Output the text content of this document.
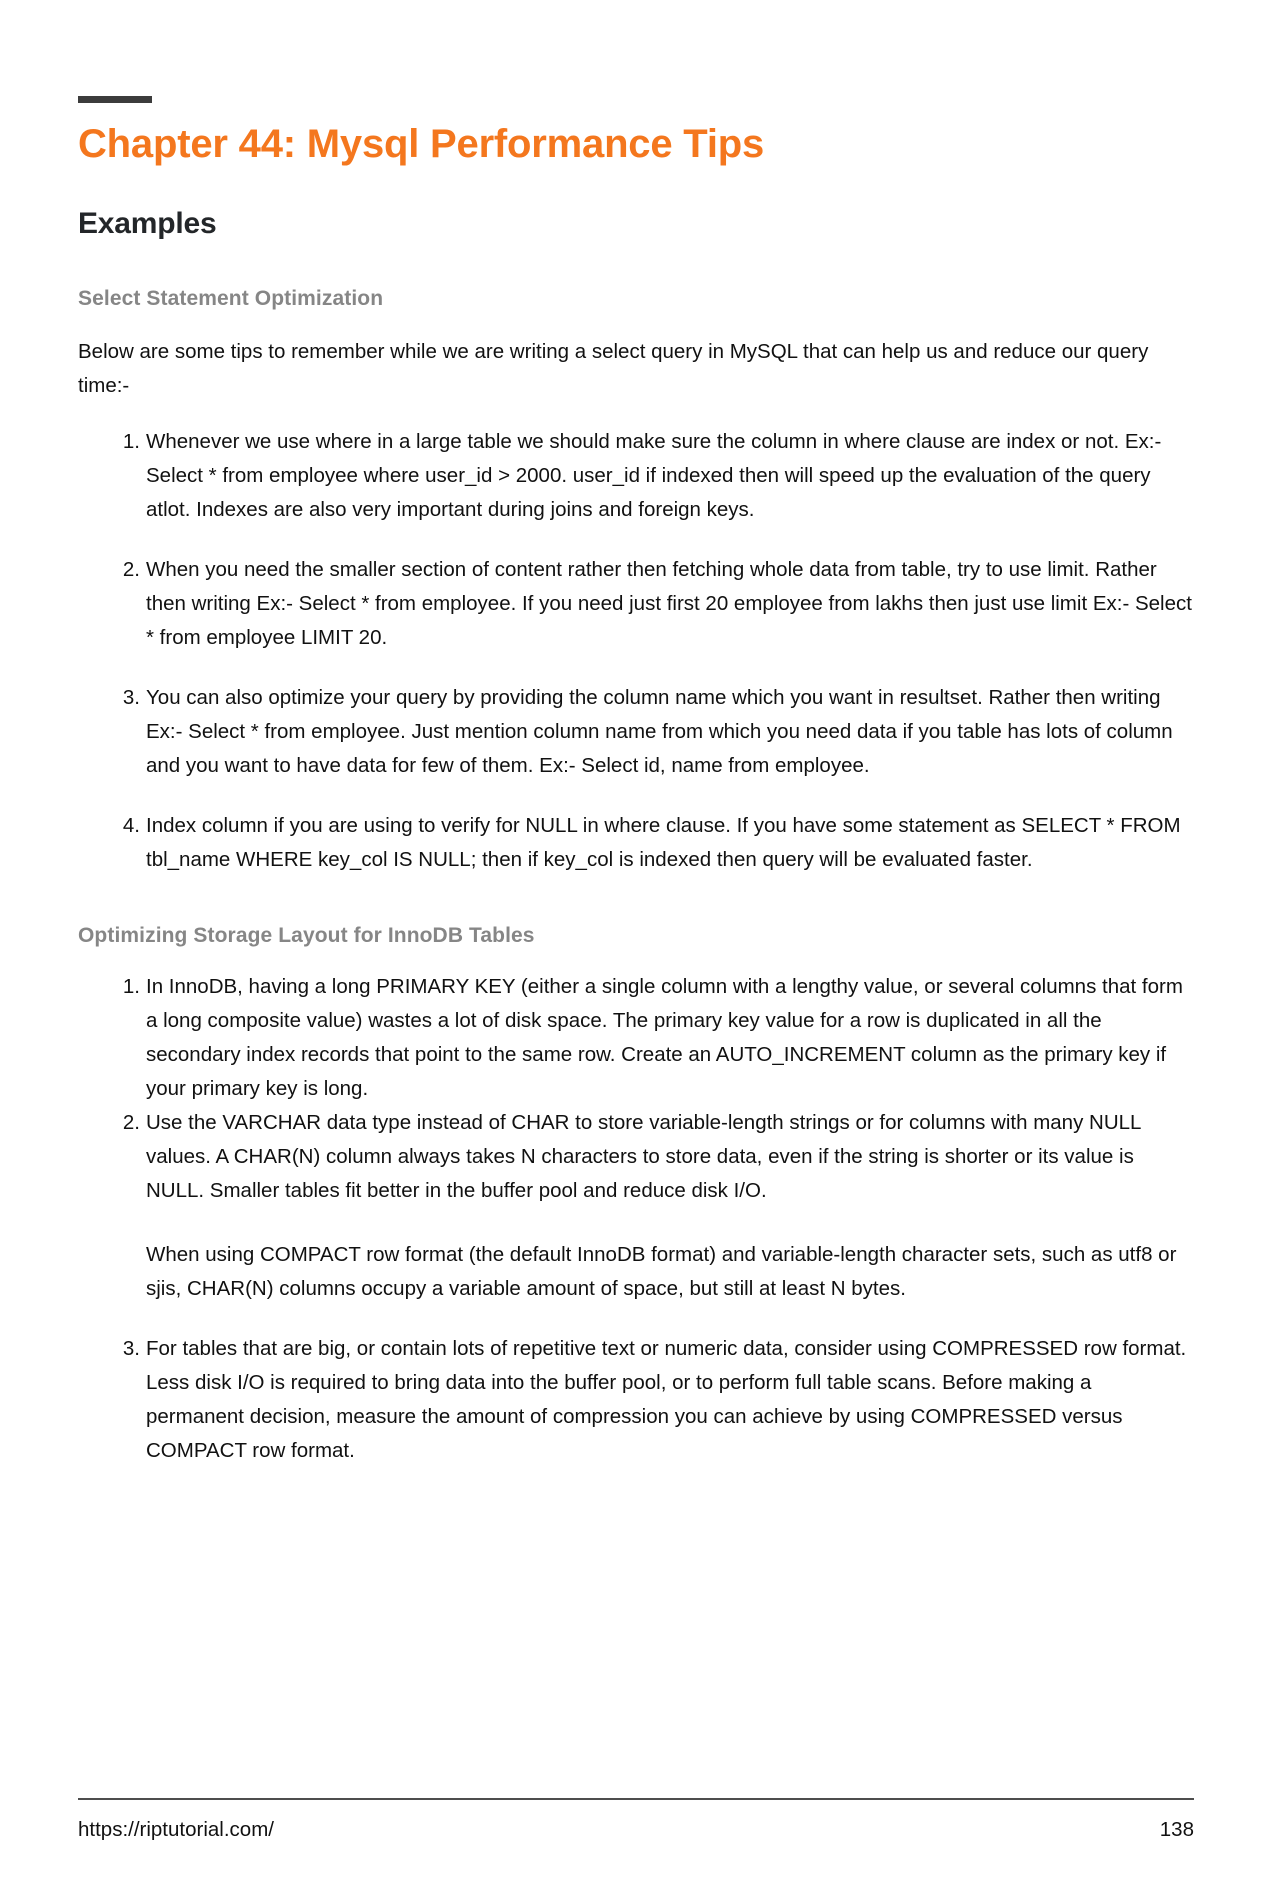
Chapter 44: Mysql Performance Tips
Examples
Select Statement Optimization

Below are some tips to remember while we are writing a select query in MySQL that can help us and reduce our query time:-

Whenever we use where in a large table we should make sure the column in where clause are index or not. Ex:- Select * from employee where user_id > 2000. user_id if indexed then will speed up the evaluation of the query atlot. Indexes are also very important during joins and foreign keys.

When you need the smaller section of content rather then fetching whole data from table, try to use limit. Rather then writing Ex:- Select * from employee. If you need just first 20 employee from lakhs then just use limit Ex:- Select * from employee LIMIT 20.

You can also optimize your query by providing the column name which you want in resultset. Rather then writing Ex:- Select * from employee. Just mention column name from which you need data if you table has lots of column and you want to have data for few of them. Ex:- Select id, name from employee.

Index column if you are using to verify for NULL in where clause. If you have some statement as SELECT * FROM tbl_name WHERE key_col IS NULL; then if key_col is indexed then query will be evaluated faster.

Optimizing Storage Layout for InnoDB Tables

In InnoDB, having a long PRIMARY KEY (either a single column with a lengthy value, or several columns that form a long composite value) wastes a lot of disk space. The primary key value for a row is duplicated in all the secondary index records that point to the same row. Create an AUTO_INCREMENT column as the primary key if your primary key is long.

Use the VARCHAR data type instead of CHAR to store variable-length strings or for columns with many NULL values. A CHAR(N) column always takes N characters to store data, even if the string is shorter or its value is NULL. Smaller tables fit better in the buffer pool and reduce disk I/O.

When using COMPACT row format (the default InnoDB format) and variable-length character sets, such as utf8 or sjis, CHAR(N) columns occupy a variable amount of space, but still at least N bytes.

For tables that are big, or contain lots of repetitive text or numeric data, consider using COMPRESSED row format. Less disk I/O is required to bring data into the buffer pool, or to perform full table scans. Before making a permanent decision, measure the amount of compression you can achieve by using COMPRESSED versus COMPACT row format.

https://riptutorial.com/	138
